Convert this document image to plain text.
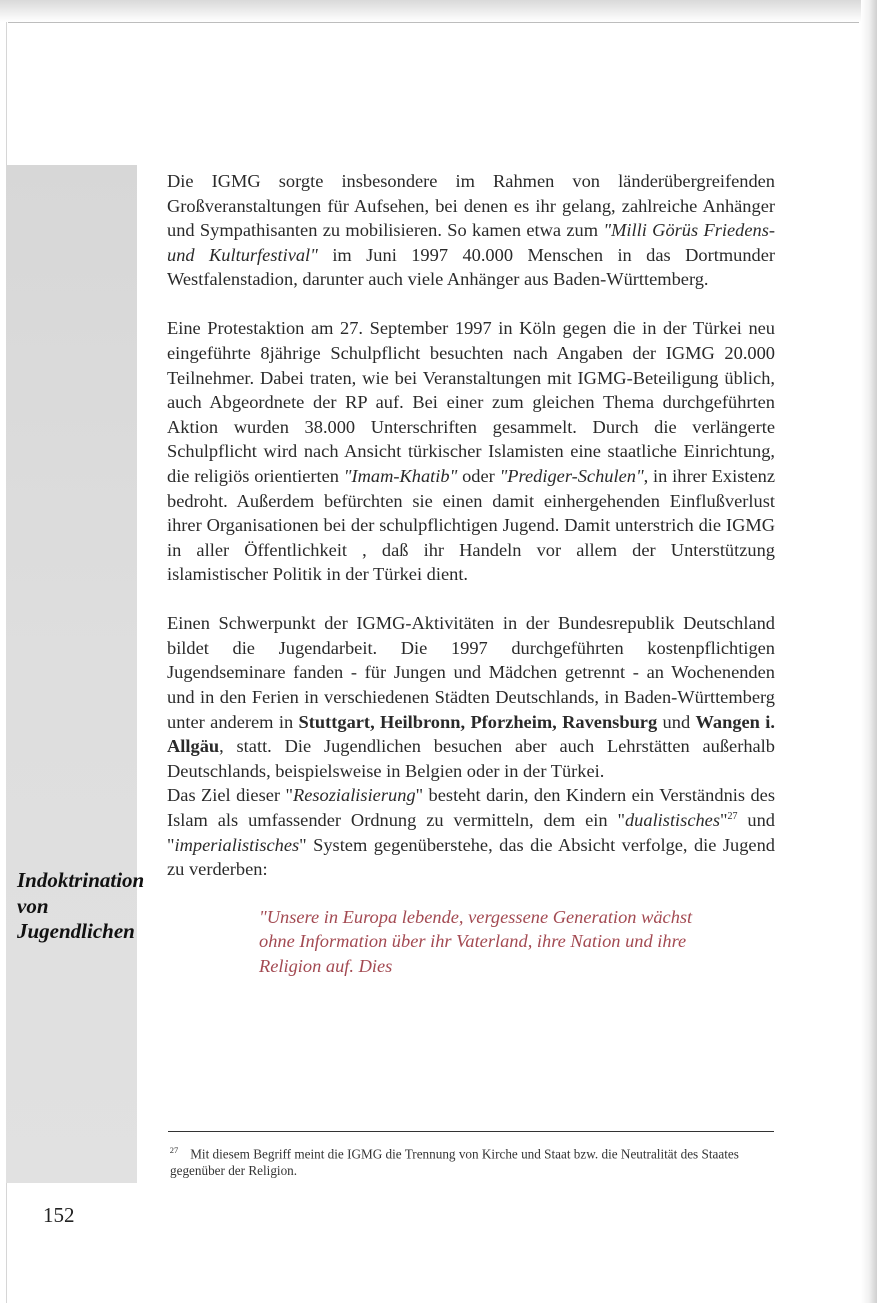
Indoktrination von Jugendlichen

Die IGMG sorgte insbesondere im Rahmen von länderübergreifenden Großveranstaltungen für Aufsehen, bei denen es ihr gelang, zahlreiche Anhänger und Sympathisanten zu mobilisieren. So kamen etwa zum "Milli Görüs Friedens- und Kulturfestival" im Juni 1997 40.000 Menschen in das Dortmunder Westfalenstadion, darunter auch viele Anhänger aus Baden-Württemberg.

Eine Protestaktion am 27. September 1997 in Köln gegen die in der Türkei neu eingeführte 8jährige Schulpflicht besuchten nach Angaben der IGMG 20.000 Teilnehmer. Dabei traten, wie bei Veranstaltungen mit IGMG-Beteiligung üblich, auch Abgeordnete der RP auf. Bei einer zum gleichen Thema durchgeführten Aktion wurden 38.000 Unterschriften gesammelt. Durch die verlängerte Schulpflicht wird nach Ansicht türkischer Islamisten eine staatliche Einrichtung, die religiös orientierten "Imam-Khatib" oder "Prediger-Schulen", in ihrer Existenz bedroht. Außerdem befürchten sie einen damit einhergehenden Einflußverlust ihrer Organisationen bei der schulpflichtigen Jugend. Damit unterstrich die IGMG in aller Öffentlichkeit , daß ihr Handeln vor allem der Unterstützung islamistischer Politik in der Türkei dient.

Einen Schwerpunkt der IGMG-Aktivitäten in der Bundesrepublik Deutschland bildet die Jugendarbeit. Die 1997 durchgeführten kostenpflichtigen Jugendseminare fanden - für Jungen und Mädchen getrennt - an Wochenenden und in den Ferien in verschiedenen Städten Deutschlands, in Baden-Württemberg unter anderem in Stuttgart, Heilbronn, Pforzheim, Ravensburg und Wangen i. Allgäu, statt. Die Jugendlichen besuchen aber auch Lehrstätten außerhalb Deutschlands, beispielsweise in Belgien oder in der Türkei.

Das Ziel dieser "Resozialisierung" besteht darin, den Kindern ein Verständnis des Islam als umfassender Ordnung zu vermitteln, dem ein "dualistisches"$^{27}$ und "imperialistisches" System gegenüberstehe, das die Absicht verfolge, die Jugend zu verderben:

"Unsere in Europa lebende, vergessene Generation wächst ohne Information über ihr Vaterland, ihre Nation und ihre Religion auf. Dies

$^{27}$ Mit diesem Begriff meint die IGMG die Trennung von Kirche und Staat bzw. die Neutralität des Staates gegenüber der Religion.
152
